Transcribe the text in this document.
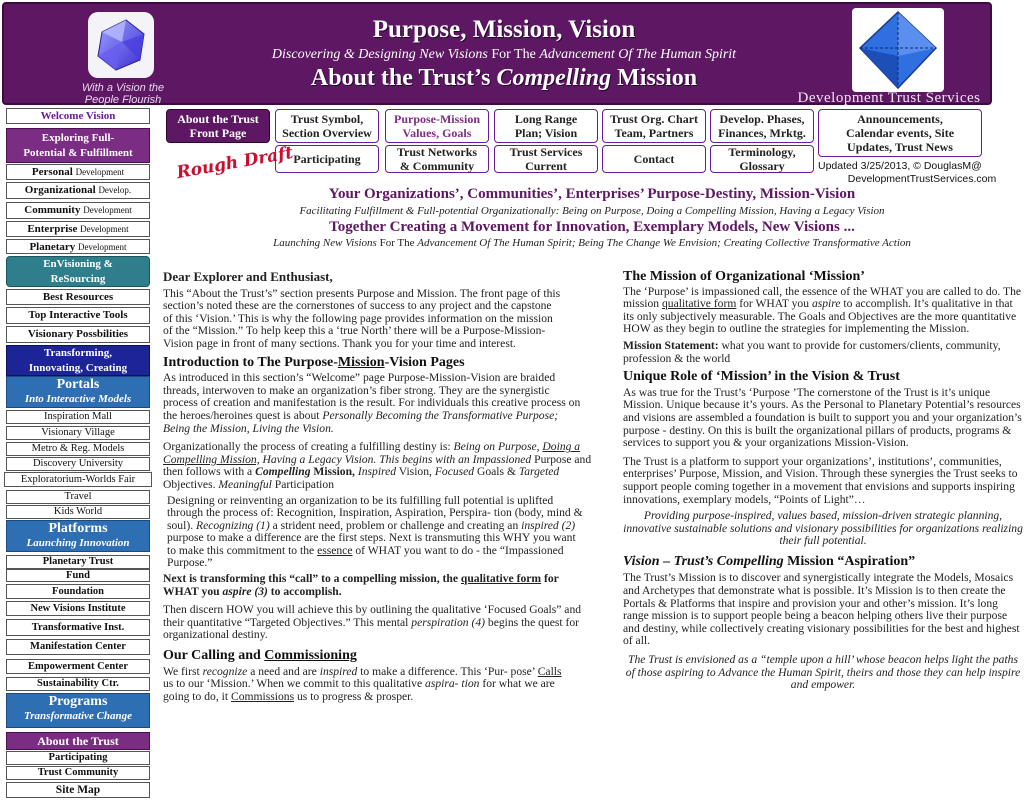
With a Vision the People Flourish
Purpose, Mission, Vision
Discovering & Designing New Visions For The Advancement Of The Human Spirit
About the Trust’s Compelling Mission
Development Trust Services
Welcome Vision
Exploring Full-
Potential & Fulfillment
Personal Development
Organizational Develop.
Community Development
Enterprise Development
Planetary Development
EnVisioning &
ReSourcing
Best Resources
Top Interactive Tools
Visionary Possbilities
Transforming,
Innovating, Creating
Portals
Into Interactive Models
Inspiration Mall
Visionary Village
Metro & Reg. Models
Discovery University
Exploratorium-Worlds Fair
Travel
Kids World
Platforms
Launching Innovation
Planetary Trust
Fund
Foundation
New Visions Institute
Transformative Inst.
Manifestation Center
Empowerment Center
Sustainability Ctr.
Programs
Transformative Change
About the Trust
Participating
Trust Community
Site Map
About the Trust
Front Page
Trust Symbol,
Section Overview
Purpose-Mission
Values, Goals
Long Range
Plan; Vision
Trust Org. Chart
Team, Partners
Develop. Phases,
Finances, Mrktg.
Announcements,
Calendar events, Site
Updates, Trust News
Participating	Trust Networks
& Community
Trust Services
Current	Contact	Terminology,
Glossary
Rough Draft	Updated 3/25/2013, © DouglasM@
DevelopmentTrustServices.com
Your Organizations’, Communities’, Enterprises’ Purpose-Destiny, Mission-Vision
Facilitating Fulfillment & Full-potential Organizationally: Being on Purpose, Doing a Compelling Mission, Having a Legacy Vision
Together Creating a Movement for Innovation, Exemplary Models, New Visions ...
Launching New Visions For The Advancement Of The Human Spirit; Being The Change We Envision; Creating Collective Transformative Action
Dear Explorer and Enthusiast,
This “About the Trust’s” section presents Purpose and Mission. The front page of this section’s noted these are the cornerstones of success to any project and the capstone of this ‘Vision.’ This is why the following page provides information on the mission of the “Mission.” To help keep this a ‘true North’ there will be a Purpose-Mission-Vision page in front of many sections. Thank you for your time and interest.
Introduction to The Purpose-Mission-Vision Pages
As introduced in this section’s “Welcome” page Purpose-Mission-Vision are braided threads, interwoven to make an organization’s fiber strong. They are the synergistic process of creation and manifestation is the result. For individuals this creative process on the heroes/heroines quest is about Personally Becoming the Transformative Purpose; Being the Mission, Living the Vision.
Organizationally the process of creating a fulfilling destiny is: Being on Purpose, Doing a Compelling Mission, Having a Legacy Vision. This begins with an Impassioned Purpose and then follows with a Compelling Mission, Inspired Vision, Focused Goals & Targeted Objectives. Meaningful Participation
Designing or reinventing an organization to be its fulfilling full potential is uplifted through the process of: Recognition, Inspiration, Aspiration, Perspira- tion (body, mind & soul). Recognizing (1) a strident need, problem or challenge and creating an inspired (2) purpose to make a difference are the first steps. Next is transmuting this WHY you want to make this commitment to the essence of WHAT you want to do - the “Impassioned Purpose.”
Next is transforming this “call” to a compelling mission, the qualitative form for WHAT you aspire (3) to accomplish.
Then discern HOW you will achieve this by outlining the qualitative ‘Focused Goals” and their quantitative “Targeted Objectives.” This mental perspiration (4) begins the quest for organizational destiny.
Our Calling and Commissioning
We first recognize a need and are inspired to make a difference. This ‘Pur- pose’ Calls us to our ‘Mission.’ When we commit to this qualitative aspira- tion for what we are going to do, it Commissions us to progress & prosper.
The Mission of Organizational ‘Mission’
The ‘Purpose’ is impassioned call, the essence of the WHAT you are called to do. The mission qualitative form for WHAT you aspire to accomplish. It’s qualitative in that its only subjectively measurable. The Goals and Objectives are the more quantitative HOW as they begin to outline the strategies for implementing the Mission.
Mission Statement: what you want to provide for customers/clients, community, profession & the world
Unique Role of ‘Mission’ in the Vision & Trust
As was true for the Trust’s ‘Purpose ’The cornerstone of the Trust is it’s unique Mission. Unique because it’s yours. As the Personal to Planetary Potential’s resources and visions are assembled a foundation is built to support you and your organization’s purpose - destiny. On this is built the organizational pillars of products, programs & services to support you & your organizations Mission-Vision.
The Trust is a platform to support your organizations’, institutions’, communities, enterprises’ Purpose, Mission, and Vision. Through these synergies the Trust seeks to support people coming together in a movement that envisions and supports inspiring innovations, exemplary models, “Points of Light”…
Providing purpose-inspired, values based, mission-driven strategic planning, innovative sustainable solutions and visionary possibilities for organizations realizing their full potential.
Vision – Trust’s Compelling Mission “Aspiration”
The Trust’s Mission is to discover and synergistically integrate the Models, Mosaics and Archetypes that demonstrate what is possible. It’s Mission is to then create the Portals & Platforms that inspire and provision your and other’s mission. It’s long range mission is to support people being a beacon helping others live their purpose and destiny, while collectively creating visionary possibilities for the best and highest of all.
The Trust is envisioned as a “temple upon a hill’ whose beacon helps light the paths of those aspiring to Advance the Human Spirit, theirs and those they can help inspire and empower.
